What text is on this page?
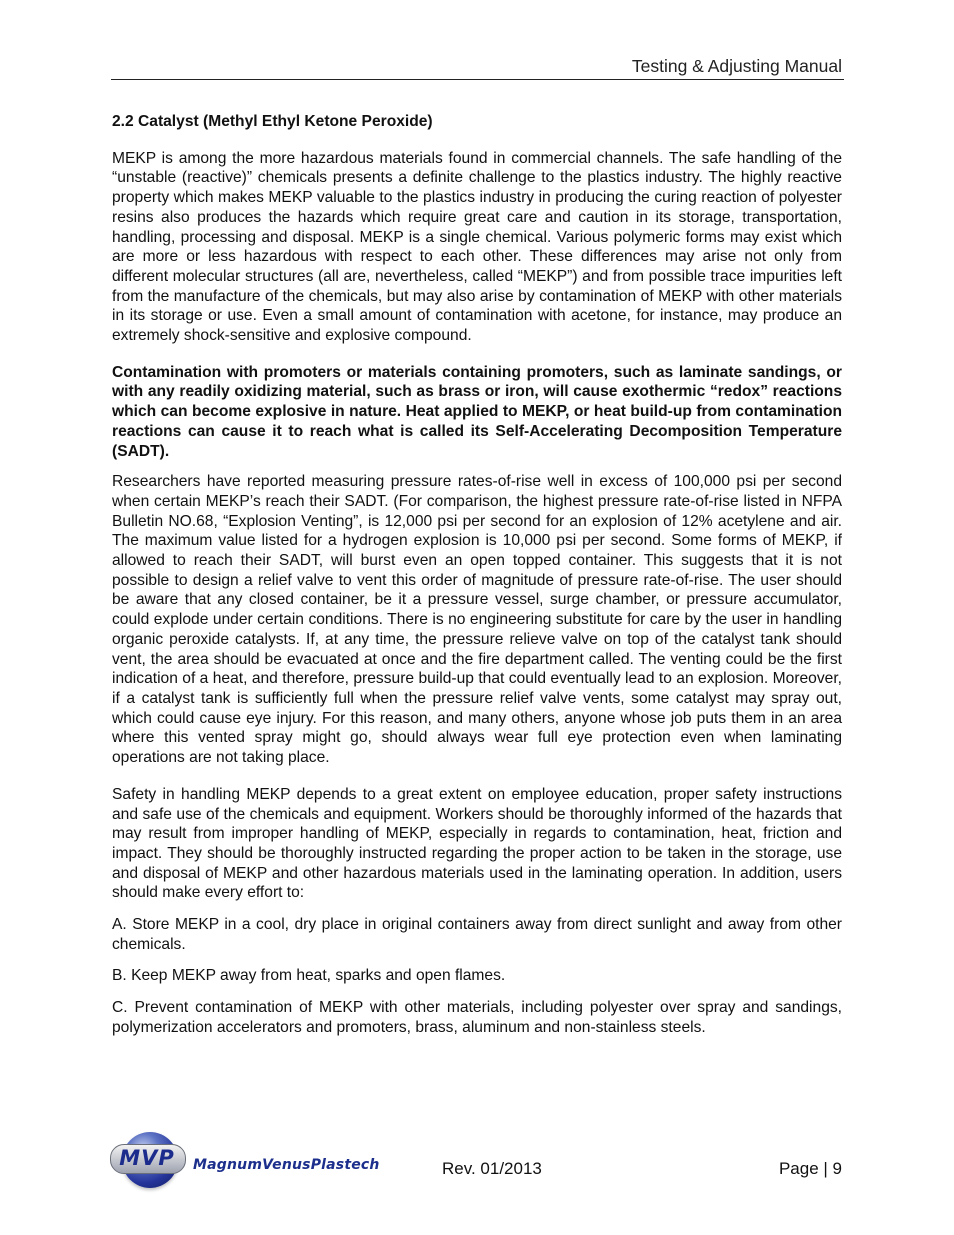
Testing & Adjusting Manual

2.2 Catalyst (Methyl Ethyl Ketone Peroxide)

MEKP is among the more hazardous materials found in commercial channels. The safe handling of the “unstable (reactive)” chemicals presents a definite challenge to the plastics industry. The highly reactive property which makes MEKP valuable to the plastics industry in producing the curing reaction of polyester resins also produces the hazards which require great care and caution in its storage, transportation, handling, processing and disposal. MEKP is a single chemical. Various polymeric forms may exist which are more or less hazardous with respect to each other. These differences may arise not only from different molecular structures (all are, nevertheless, called “MEKP”) and from possible trace impurities left from the manufacture of the chemicals, but may also arise by contamination of MEKP with other materials in its storage or use. Even a small amount of contamination with acetone, for instance, may produce an extremely shock-sensitive and explosive compound.

Contamination with promoters or materials containing promoters, such as laminate sandings, or with any readily oxidizing material, such as brass or iron, will cause exothermic “redox” reactions which can become explosive in nature. Heat applied to MEKP, or heat build-up from contamination reactions can cause it to reach what is called its Self-Accelerating Decomposition Temperature (SADT).

Researchers have reported measuring pressure rates-of-rise well in excess of 100,000 psi per second when certain MEKP’s reach their SADT. (For comparison, the highest pressure rate-of-rise listed in NFPA Bulletin NO.68, “Explosion Venting”, is 12,000 psi per second for an explosion of 12% acetylene and air. The maximum value listed for a hydrogen explosion is 10,000 psi per second. Some forms of MEKP, if allowed to reach their SADT, will burst even an open topped container. This suggests that it is not possible to design a relief valve to vent this order of magnitude of pressure rate-of-rise. The user should be aware that any closed container, be it a pressure vessel, surge chamber, or pressure accumulator, could explode under certain conditions. There is no engineering substitute for care by the user in handling organic peroxide catalysts. If, at any time, the pressure relieve valve on top of the catalyst tank should vent, the area should be evacuated at once and the fire department called. The venting could be the first indication of a heat, and therefore, pressure build-up that could eventually lead to an explosion. Moreover, if a catalyst tank is sufficiently full when the pressure relief valve vents, some catalyst may spray out, which could cause eye injury. For this reason, and many others, anyone whose job puts them in an area where this vented spray might go, should always wear full eye protection even when laminating operations are not taking place.

Safety in handling MEKP depends to a great extent on employee education, proper safety instructions and safe use of the chemicals and equipment. Workers should be thoroughly informed of the hazards that may result from improper handling of MEKP, especially in regards to contamination, heat, friction and impact. They should be thoroughly instructed regarding the proper action to be taken in the storage, use and disposal of MEKP and other hazardous materials used in the laminating operation. In addition, users should make every effort to:

A. Store MEKP in a cool, dry place in original containers away from direct sunlight and away from other chemicals.

B. Keep MEKP away from heat, sparks and open flames.

C. Prevent contamination of MEKP with other materials, including polyester over spray and sandings, polymerization accelerators and promoters, brass, aluminum and non-stainless steels.

MVP	MagnumVenusPlastech	Rev. 01/2013	Page | 9
